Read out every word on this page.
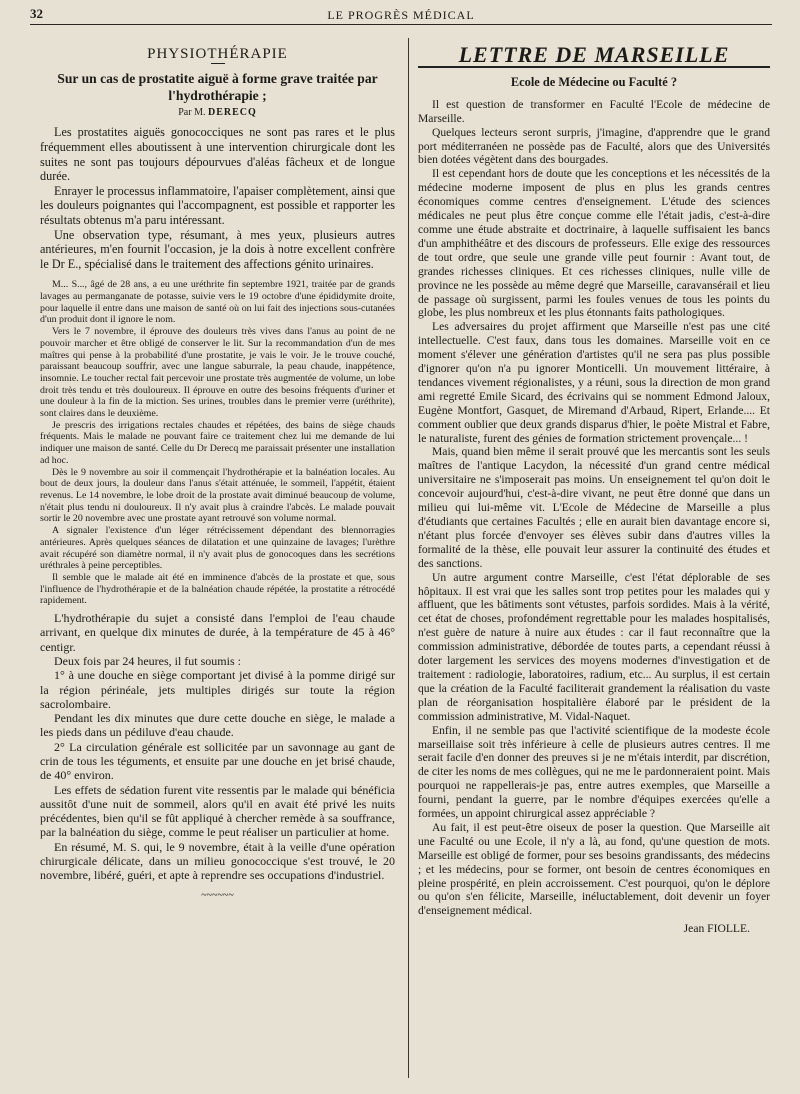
32	LE PROGRÈS MÉDICAL
PHYSIOTHÉRAPIE
Sur un cas de prostatite aiguë à forme grave traitée par l'hydrothérapie ;
Par M. DERECQ

Les prostatites aiguës gonococciques ne sont pas rares et le plus fréquemment elles aboutissent à une intervention chirurgicale dont les suites ne sont pas toujours dépourvues d'aléas fâcheux et de longue durée.

Enrayer le processus inflammatoire, l'apaiser complètement, ainsi que les douleurs poignantes qui l'accompagnent, est possible et rapporter les résultats obtenus m'a paru intéressant.

Une observation type, résumant, à mes yeux, plusieurs autres antérieures, m'en fournit l'occasion, je la dois à notre excellent confrère le Dr E., spécialisé dans le traitement des affections génito urinaires.

M... S..., âgé de 28 ans, a eu une uréthrite fin septembre 1921, traitée par de grands lavages au permanganate de potasse, suivie vers le 19 octobre d'une épididymite droite, pour laquelle il entre dans une maison de santé où on lui fait des injections sous-cutanées d'un produit dont il ignore le nom.

Vers le 7 novembre, il éprouve des douleurs très vives dans l'anus au point de ne pouvoir marcher et être obligé de conserver le lit. Sur la recommandation d'un de mes maîtres qui pense à la probabilité d'une prostatite, je vais le voir. Je le trouve couché, paraissant beaucoup souffrir, avec une langue saburrale, la peau chaude, inappétence, insomnie. Le toucher rectal fait percevoir une prostate très augmentée de volume, un lobe droit très tendu et très douloureux. Il éprouve en outre des besoins fréquents d'uriner et une douleur à la fin de la miction. Ses urines, troubles dans le premier verre (uréthrite), sont claires dans le deuxième.

Je prescris des irrigations rectales chaudes et répétées, des bains de siège chauds fréquents. Mais le malade ne pouvant faire ce traitement chez lui me demande de lui indiquer une maison de santé. Celle du Dr Derecq me paraissait présenter une installation ad hoc.

Dès le 9 novembre au soir il commençait l'hydrothérapie et la balnéation locales. Au bout de deux jours, la douleur dans l'anus s'était atténuée, le sommeil, l'appétit, étaient revenus. Le 14 novembre, le lobe droit de la prostate avait diminué beaucoup de volume, n'était plus tendu ni douloureux. Il n'y avait plus à craindre l'abcès. Le malade pouvait sortir le 20 novembre avec une prostate ayant retrouvé son volume normal.

A signaler l'existence d'un léger rétrécissement dépendant des blennorragies antérieures. Après quelques séances de dilatation et une quinzaine de lavages; l'urèthre avait récupéré son diamètre normal, il n'y avait plus de gonocoques dans les secrétions uréthrales à peine perceptibles.

Il semble que le malade ait été en imminence d'abcès de la prostate et que, sous l'influence de l'hydrothérapie et de la balnéation chaude répétée, la prostatite a rétrocédé rapidement.

L'hydrothérapie du sujet a consisté dans l'emploi de l'eau chaude arrivant, en quelque dix minutes de durée, à la température de 45 à 46° centigr.

Deux fois par 24 heures, il fut soumis :

1° à une douche en siège comportant jet divisé à la pomme dirigé sur la région périnéale, jets multiples dirigés sur toute la région sacrolombaire.

Pendant les dix minutes que dure cette douche en siège, le malade a les pieds dans un pédiluve d'eau chaude.

2° La circulation générale est sollicitée par un savonnage au gant de crin de tous les téguments, et ensuite par une douche en jet brisé chaude, de 40° environ.

Les effets de sédation furent vite ressentis par le malade qui bénéficia aussitôt d'une nuit de sommeil, alors qu'il en avait été privé les nuits précédentes, bien qu'il se fût appliqué à chercher remède à sa souffrance, par la balnéation du siège, comme le peut réaliser un particulier at home.

En résumé, M. S. qui, le 9 novembre, était à la veille d'une opération chirurgicale délicate, dans un milieu gonococcique s'est trouvé, le 20 novembre, libéré, guéri, et apte à reprendre ses occupations d'industriel.

~~~~~~
LETTRE DE MARSEILLE
Ecole de Médecine ou Faculté ?

Il est question de transformer en Faculté l'Ecole de médecine de Marseille.

Quelques lecteurs seront surpris, j'imagine, d'apprendre que le grand port méditerranéen ne possède pas de Faculté, alors que des Universités bien dotées végètent dans des bourgades.

Il est cependant hors de doute que les conceptions et les nécessités de la médecine moderne imposent de plus en plus les grands centres économiques comme centres d'enseignement. L'étude des sciences médicales ne peut plus être conçue comme elle l'était jadis, c'est-à-dire comme une étude abstraite et doctrinaire, à laquelle suffisaient les bancs d'un amphithéâtre et des discours de professeurs. Elle exige des ressources de tout ordre, que seule une grande ville peut fournir : Avant tout, de grandes richesses cliniques. Et ces richesses cliniques, nulle ville de province ne les possède au même degré que Marseille, caravansérail et lieu de passage où surgissent, parmi les foules venues de tous les points du globe, les plus nombreux et les plus étonnants faits pathologiques.

Les adversaires du projet affirment que Marseille n'est pas une cité intellectuelle. C'est faux, dans tous les domaines. Marseille voit en ce moment s'élever une génération d'artistes qu'il ne sera pas plus possible d'ignorer qu'on n'a pu ignorer Monticelli. Un mouvement littéraire, à tendances vivement régionalistes, y a réuni, sous la direction de mon grand ami regretté Emile Sicard, des écrivains qui se nomment Edmond Jaloux, Eugène Montfort, Gasquet, de Miremand d'Arbaud, Ripert, Erlande.... Et comment oublier que deux grands disparus d'hier, le poète Mistral et Fabre, le naturaliste, furent des génies de formation strictement provençale... !

Mais, quand bien même il serait prouvé que les mercantis sont les seuls maîtres de l'antique Lacydon, la nécessité d'un grand centre médical universitaire ne s'imposerait pas moins. Un enseignement tel qu'on doit le concevoir aujourd'hui, c'est-à-dire vivant, ne peut être donné que dans un milieu qui lui-même vit. L'Ecole de Médecine de Marseille a plus d'étudiants que certaines Facultés ; elle en aurait bien davantage encore si, n'étant plus forcée d'envoyer ses élèves subir dans d'autres villes la formalité de la thèse, elle pouvait leur assurer la continuité des études et des sanctions.

Un autre argument contre Marseille, c'est l'état déplorable de ses hôpitaux. Il est vrai que les salles sont trop petites pour les malades qui y affluent, que les bâtiments sont vétustes, parfois sordides. Mais à la vérité, cet état de choses, profondément regrettable pour les malades hospitalisés, n'est guère de nature à nuire aux études : car il faut reconnaître que la commission administrative, débordée de toutes parts, a cependant réussi à doter largement les services des moyens modernes d'investigation et de traitement : radiologie, laboratoires, radium, etc... Au surplus, il est certain que la création de la Faculté faciliterait grandement la réalisation du vaste plan de réorganisation hospitalière élaboré par le président de la commission administrative, M. Vidal-Naquet.

Enfin, il ne semble pas que l'activité scientifique de la modeste école marseillaise soit très inférieure à celle de plusieurs autres centres. Il me serait facile d'en donner des preuves si je ne m'étais interdit, par discrétion, de citer les noms de mes collègues, qui ne me le pardonneraient point. Mais pourquoi ne rappellerais-je pas, entre autres exemples, que Marseille a fourni, pendant la guerre, par le nombre d'équipes exercées qu'elle a formées, un appoint chirurgical assez appréciable ?

Au fait, il est peut-être oiseux de poser la question. Que Marseille ait une Faculté ou une Ecole, il n'y a là, au fond, qu'une question de mots. Marseille est obligé de former, pour ses besoins grandissants, des médecins ; et les médecins, pour se former, ont besoin de centres économiques en pleine prospérité, en plein accroissement. C'est pourquoi, qu'on le déplore ou qu'on s'en félicite, Marseille, inéluctablement, doit devenir un foyer d'enseignement médical.

Jean FIOLLE.
